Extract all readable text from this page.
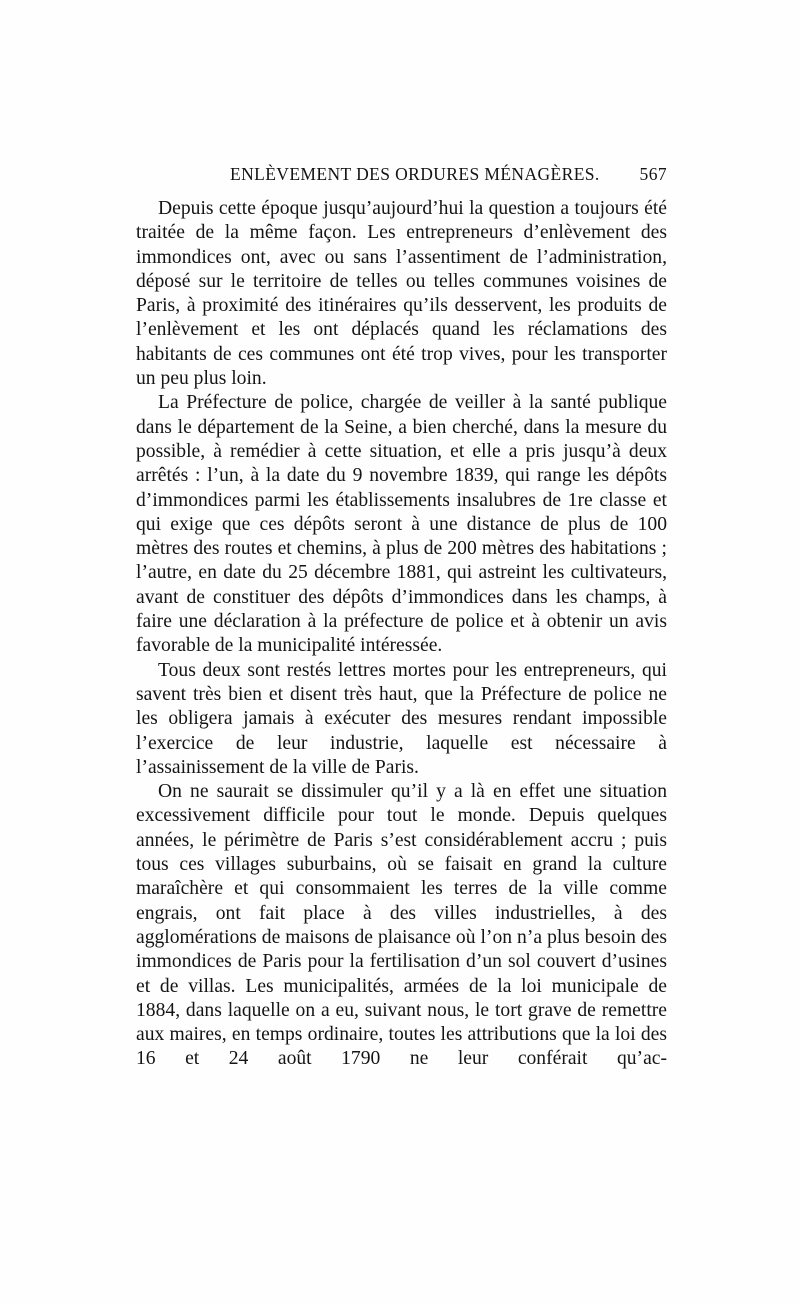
ENLÈVEMENT DES ORDURES MÉNAGÈRES. 567

Depuis cette époque jusqu’aujourd’hui la question a toujours été traitée de la même façon. Les entrepreneurs d’enlèvement des immondices ont, avec ou sans l’assentiment de l’administration, déposé sur le territoire de telles ou telles communes voisines de Paris, à proximité des itinéraires qu’ils desservent, les produits de l’enlèvement et les ont déplacés quand les réclamations des habitants de ces communes ont été trop vives, pour les transporter un peu plus loin.

La Préfecture de police, chargée de veiller à la santé publique dans le département de la Seine, a bien cherché, dans la mesure du possible, à remédier à cette situation, et elle a pris jusqu’à deux arrêtés : l’un, à la date du 9 novembre 1839, qui range les dépôts d’immondices parmi les établissements insalubres de 1re classe et qui exige que ces dépôts seront à une distance de plus de 100 mètres des routes et chemins, à plus de 200 mètres des habitations ; l’autre, en date du 25 décembre 1881, qui astreint les cultivateurs, avant de constituer des dépôts d’immondices dans les champs, à faire une déclaration à la préfecture de police et à obtenir un avis favorable de la municipalité intéressée.

Tous deux sont restés lettres mortes pour les entrepreneurs, qui savent très bien et disent très haut, que la Préfecture de police ne les obligera jamais à exécuter des mesures rendant impossible l’exercice de leur industrie, laquelle est nécessaire à l’assainissement de la ville de Paris.

On ne saurait se dissimuler qu’il y a là en effet une situation excessivement difficile pour tout le monde. Depuis quelques années, le périmètre de Paris s’est considérablement accru ; puis tous ces villages suburbains, où se faisait en grand la culture maraîchère et qui consommaient les terres de la ville comme engrais, ont fait place à des villes industrielles, à des agglomérations de maisons de plaisance où l’on n’a plus besoin des immondices de Paris pour la fertilisation d’un sol couvert d’usines et de villas. Les municipalités, armées de la loi municipale de 1884, dans laquelle on a eu, suivant nous, le tort grave de remettre aux maires, en temps ordinaire, toutes les attributions que la loi des 16 et 24 août 1790 ne leur conférait qu’ac-
